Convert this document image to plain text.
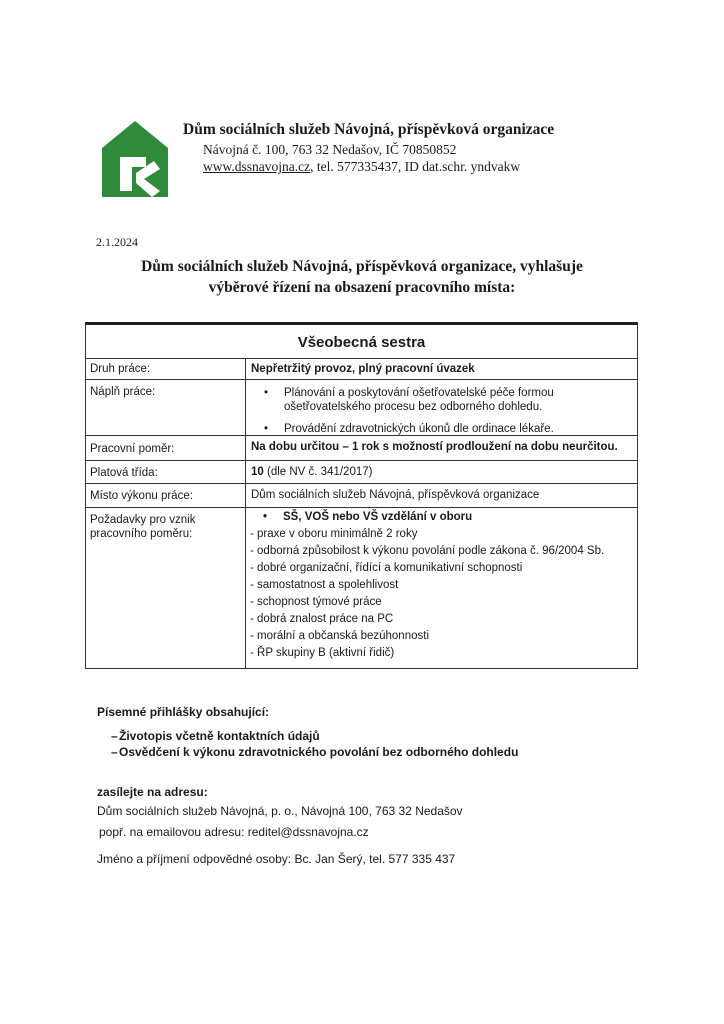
Dům sociálních služeb Návojná, příspěvková organizace
Návojná č. 100, 763 32 Nedašov, IČ 70850852
www.dssnavojna.cz, tel. 577335437, ID dat.schr. yndvakw
2.1.2024
Dům sociálních služeb Návojná, příspěvková organizace, vyhlašuje
výběrové řízení na obsazení pracovního místa:
Všeobecná sestra
Druh práce:	Nepřetržitý provoz, plný pracovní úvazek
Náplň práce:
•	Plánování a poskytování ošetřovatelské péče formou ošetřovatelského procesu bez odborného dohledu.
• Provádění zdravotnických úkonů dle ordinace lékaře.
Pracovní poměr:	Na dobu určitou – 1 rok s možností prodloužení na dobu neurčitou.
Platová třída:	10 (dle NV č. 341/2017)
Místo výkonu práce:	Dům sociálních služeb Návojná, příspěvková organizace
Požadavky pro vznik pracovního poměru:
• SŠ, VOŠ nebo VŠ vzdělání v oboru
- praxe v oboru minimálně 2 roky
- odborná způsobilost k výkonu povolání podle zákona č. 96/2004 Sb.
- dobré organizační, řídící a komunikativní schopnosti
- samostatnost a spolehlivost
- schopnost týmové práce
- dobrá znalost práce na PC
- morální a občanská bezúhonnosti
- ŘP skupiny B (aktivní řidič)
Písemné přihlášky obsahující:
– Životopis včetně kontaktních údajů
– Osvědčení k výkonu zdravotnického povolání bez odborného dohledu
zasílejte na adresu:
Dům sociálních služeb Návojná, p. o., Návojná 100, 763 32 Nedašov
popř. na emailovou adresu: reditel@dssnavojna.cz
Jméno a příjmení odpovědné osoby: Bc. Jan Šerý, tel. 577 335 437
